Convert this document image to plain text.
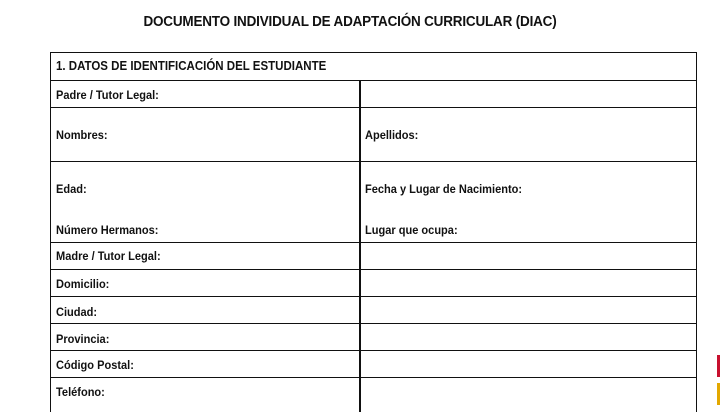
DOCUMENTO INDIVIDUAL DE ADAPTACIÓN CURRICULAR (DIAC)
1. DATOS DE IDENTIFICACIÓN DEL ESTUDIANTE
Padre / Tutor Legal:
Nombres:	Apellidos:
Edad:	Fecha y Lugar de Nacimiento:
Número Hermanos:	Lugar que ocupa:
Madre / Tutor Legal:
Domicilio:
Ciudad:
Provincia:
Código Postal:
Teléfono:
